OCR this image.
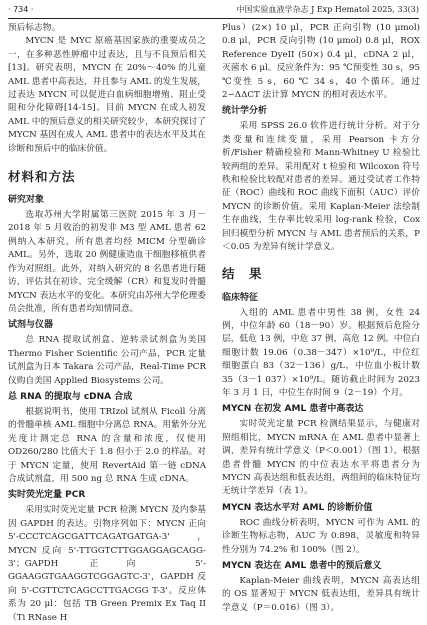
· 734 ·	中国实验血液学杂志 J Exp Hematol 2025, 33(3)

预后标志物。

MYCN 是 MYC 原癌基因家族的重要成员之一，在多种恶性肿瘤中过表达，且与不良预后相关[13]。研究表明，MYCN 在 20%～40% 的儿童 AML 患者中高表达，并且参与 AML 的发生发展，过表达 MYCN 可以促进白血病细胞增殖、阻止受阻和分化障碍[14-15]。目前 MYCN 在成人初发 AML 中的预后意义的相关研究较少，本研究探讨了 MYCN 基因在成人 AML 患者中的表达水平及其在诊断和预后中的临床价值。

材料和方法
研究对象

选取苏州大学附属第三医院 2015 年 3 月－2018 年 5 月收治的初发非 M3 型 AML 患者 62 例纳入本研究，所有患者均经 MICM 分型确诊 AML。另外，选取 20 例健康造血干细胞移植供者作为对照组。此外，对纳入研究的 8 名患者进行随访，评估其在初诊、完全缓解（CR）和复发时骨髓 MYCN 表达水平的变化。本研究由苏州大学伦理委员会批准，所有患者均知情同意。

试剂与仪器

总 RNA 提取试剂盒、逆转录试剂盒为美国 Thermo Fisher Scientific 公司产品，PCR 定量试剂盒为日本 Takara 公司产品，Real-Time PCR 仪购自美国 Applied Biosystems 公司。

总 RNA 的提取与 cDNA 合成

根据说明书，使用 TRIzol 试剂从 Ficoll 分离的骨髓单核 AML 细胞中分离总 RNA。用紫外分光光度计测定总 RNA 的含量和浓度，仅使用 OD260/280 比值大于 1.8 但小于 2.0 的样品。对于 MYCN 定量，使用 RevertAid 第一链 cDNA 合成试剂盒，用 500 ng 总 RNA 生成 cDNA。

实时荧光定量 PCR

采用实时荧光定量 PCR 检测 MYCN 及内参基因 GAPDH 的表达。引物序列如下：MYCN 正向 5'-CCCTCAGCGATTCAGATGATGA-3'，MYCN 反向 5'-TTGGTCTTGGAGGAGCAGG-3'；GAPDH 正向 5'-GGAAGGTGAAGGTCGGAGTC-3'，GAPDH 反向 5'-CGTTCTCAGCCTTGACGG T-3'。反应体系为 20 μl：包括 TB Green Premix Ex Taq II（Ti RNase H

Plus）(2×) 10 μl，PCR 正向引物 (10 μmol) 0.8 μl，PCR 反向引物 (10 μmol) 0.8 μl，ROX Reference DyeII (50×) 0.4 μl，cDNA 2 μl，灭菌水 6 μl。反应条件为：95 ℃预变性 30 s，95 ℃变性 5 s，60 ℃ 34 s，40 个循环。通过 2−ΔΔCT 法计算 MYCN 的相对表达水平。

统计学分析

采用 SPSS 26.0 软件进行统计分析。对于分类变量和连续变量，采用 Pearson 卡方分析/Fisher 精确检验和 Mann-Whitney U 检验比较两组的差异。采用配对 t 检验和 Wilcoxon 符号秩和检验比较配对患者的差异。通过受试者工作特征（ROC）曲线和 ROC 曲线下面积（AUC）评价 MYCN 的诊断价值。采用 Kaplan-Meier 法绘制生存曲线，生存率比较采用 log-rank 检验，Cox 回归模型分析 MYCN 与 AML 患者预后的关系，P＜0.05 为差异有统计学意义。

结　果
临床特征

入组的 AML 患者中男性 38 例，女性 24 例，中位年龄 60（18－90）岁。根据预后危险分层，低危 13 例，中危 37 例，高危 12 例。中位白细胞计数 19.06（0.38－347）×10⁹/L，中位红细胞蛋白 83（32－136）g/L，中位血小板计数 35（3－1 037）×10⁹/L。随访截止时间为 2023 年 3 月 1 日，中位生存时间 9（2－19）个月。

MYCN 在初发 AML 患者中高表达

实时荧光定量 PCR 检测结果显示，与健康对照组相比，MYCN mRNA 在 AML 患者中显著上调，差异有统计学意义（P＜0.001）（图 1）。根据患者骨髓 MYCN 的中位表达水平将患者分为 MYCN 高表达组和低表达组，两组间的临床特征均无统计学差异（表 1）。

MYCN 表达水平对 AML 的诊断价值

ROC 曲线分析表明，MYCN 可作为 AML 的诊断生物标志物，AUC 为 0.898，灵敏度和特异性分别为 74.2% 和 100%（图 2）。

MYCN 表达在 AML 患者中的预后意义

Kaplan-Meier 曲线表明，MYCN 高表达组的 OS 显著短于 MYCN 低表达组，差异具有统计学意义（P＝0.016）（图 3）。
